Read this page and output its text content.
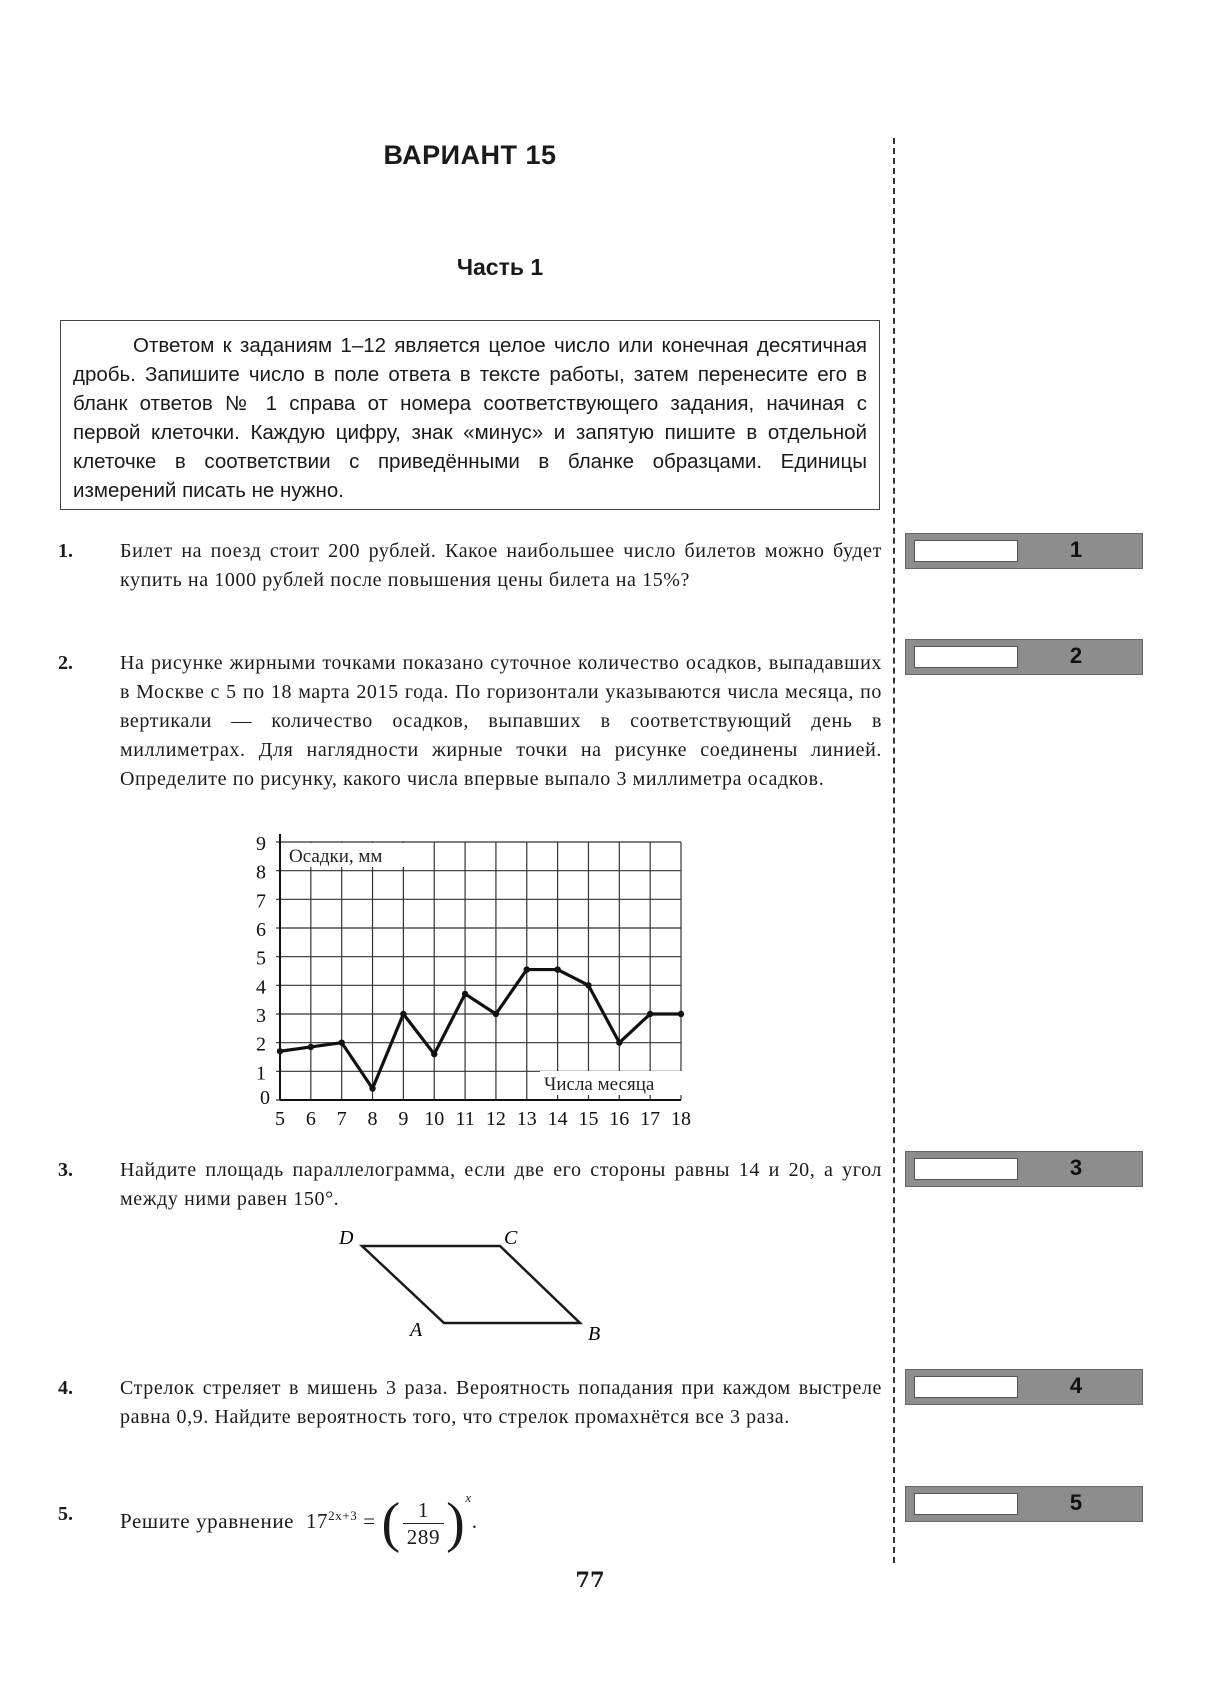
ВАРИАНТ 15
Часть 1
Ответом к заданиям 1–12 является целое число или конечная десятичная дробь. Запишите число в поле ответа в тексте работы, затем перенесите его в бланк ответов № 1 справа от номера соответствующего задания, начиная с первой клеточки. Каждую цифру, знак «минус» и запятую пишите в отдельной клеточке в соответствии с приведёнными в бланке образцами. Единицы измерений писать не нужно.
1. Билет на поезд стоит 200 рублей. Какое наибольшее число билетов можно будет купить на 1000 рублей после повышения цены билета на 15%?
1
2. На рисунке жирными точками показано суточное количество осадков, выпадавших в Москве с 5 по 18 марта 2015 года. По горизонтали указываются числа месяца, по вертикали — количество осадков, выпавших в соответствующий день в миллиметрах. Для наглядности жирные точки на рисунке соединены линией. Определите по рисунку, какого числа впервые выпало 3 миллиметра осадков.
2
0
1
2
3
4
5
6
7
8
9
5 6 7 8 9 10 11 12 13 14 15 16 17 18
Осадки, мм
Числа месяца
3. Найдите площадь параллелограмма, если две его стороны равны 14 и 20, а угол между ними равен 150°.
3
A	B
C
D
4. Стрелок стреляет в мишень 3 раза. Вероятность попадания при каждом выстреле равна 0,9. Найдите вероятность того, что стрелок промахнётся все 3 раза.
4
5. Решите уравнение $17^{2x+3}$ = ( $\frac{1}{289} )^x$.
5
77
